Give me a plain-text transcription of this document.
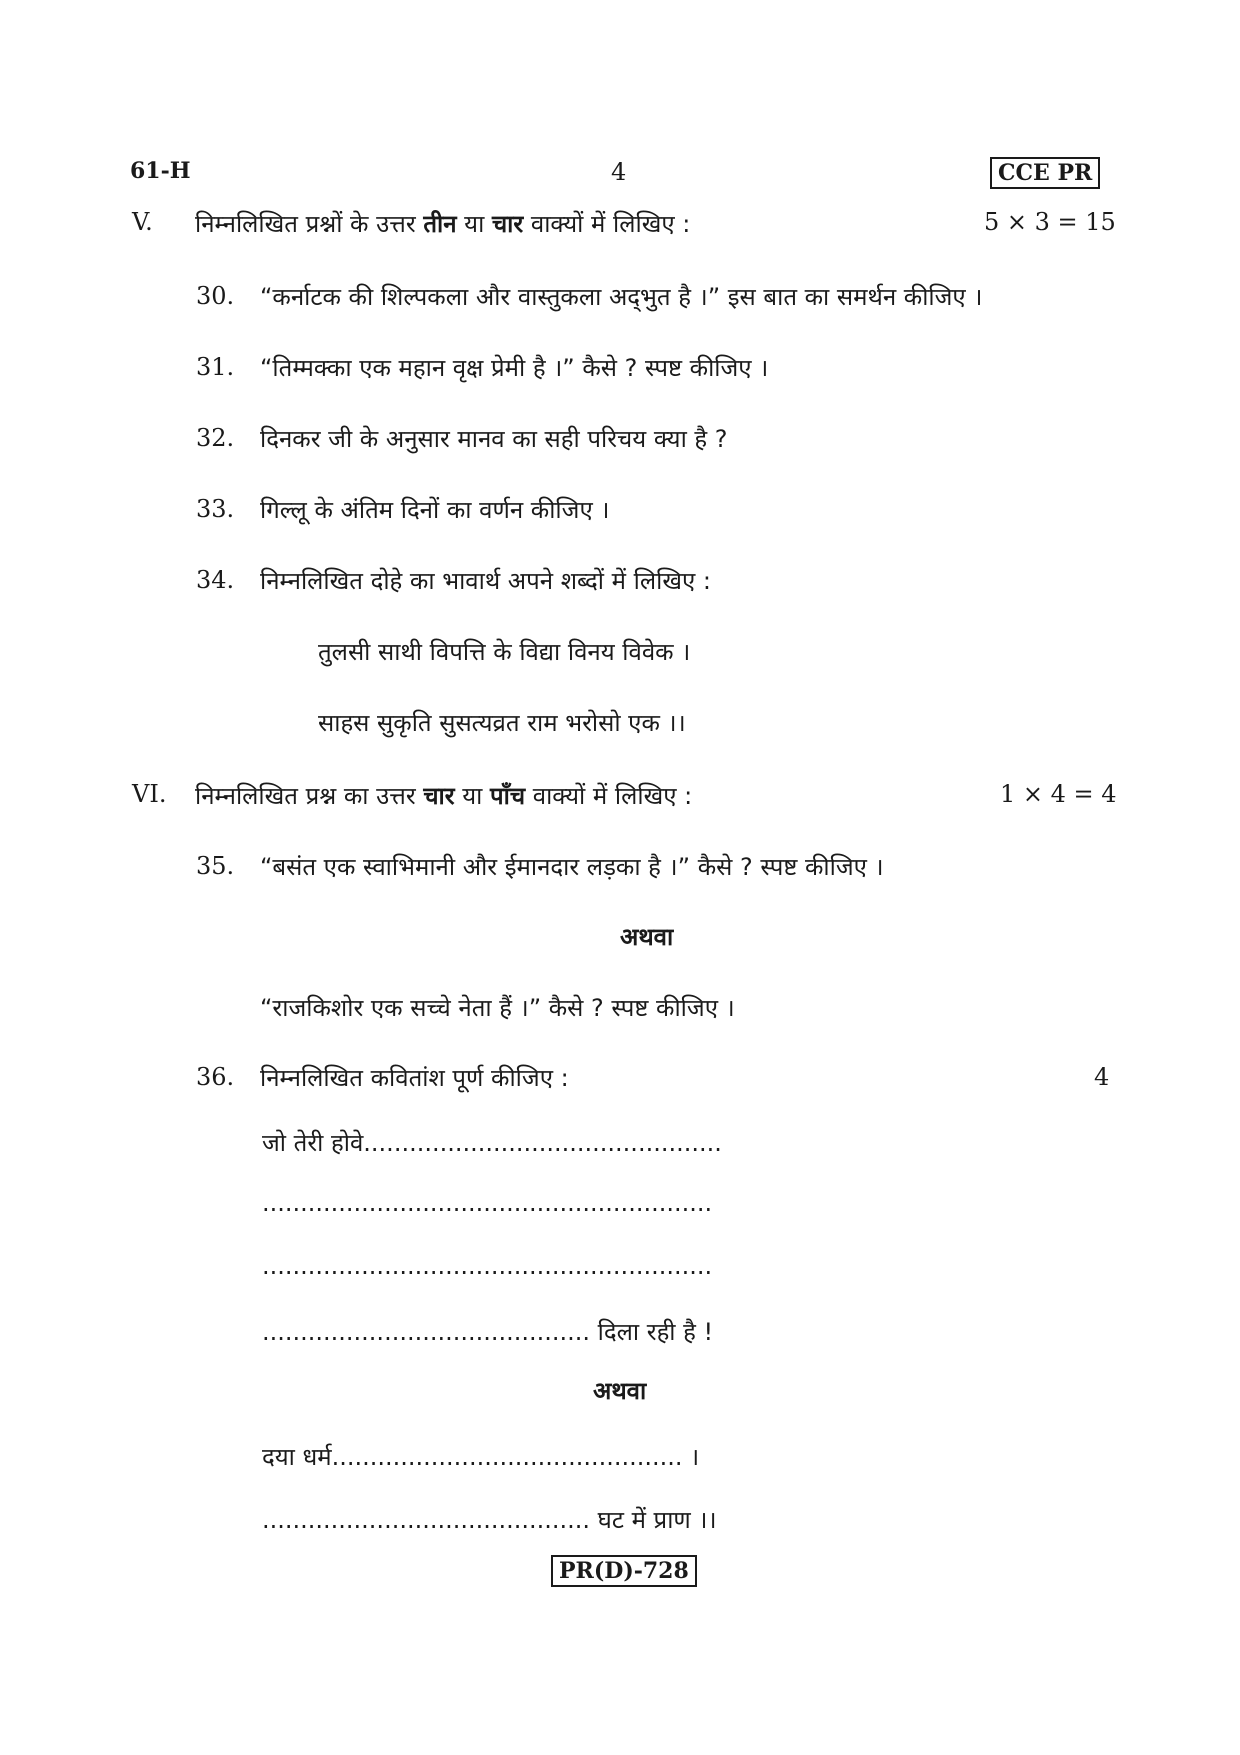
61-H	4	CCE PR
V. निम्नलिखित प्रश्नों के उत्तर तीन या चार वाक्यों में लिखिए :	5 × 3 = 15
30. “कर्नाटक की शिल्पकला और वास्तुकला अद्‌भुत है ।” इस बात का समर्थन कीजिए ।
31. “तिम्मक्का एक महान वृक्ष प्रेमी है ।” कैसे ? स्पष्ट कीजिए ।
32. दिनकर जी के अनुसार मानव का सही परिचय क्या है ?
33. गिल्लू के अंतिम दिनों का वर्णन कीजिए ।
34. निम्नलिखित दोहे का भावार्थ अपने शब्दों में लिखिए :
तुलसी साथी विपत्ति के विद्या विनय विवेक ।
साहस सुकृति सुसत्यव्रत राम भरोसो एक ।।
VI. निम्नलिखित प्रश्न का उत्तर चार या पाँच वाक्यों में लिखिए :	1 × 4 = 4
35. “बसंत एक स्वाभिमानी और ईमानदार लड़का है ।” कैसे ? स्पष्ट कीजिए ।
अथवा
“राजकिशोर एक सच्चे नेता हैं ।” कैसे ? स्पष्ट कीजिए ।
36. निम्नलिखित कवितांश पूर्ण कीजिए :	4
जो तेरी होवे...............................................
...........................................................
...........................................................
........................................... दिला रही है !
अथवा
दया धर्म.............................................. ।
........................................... घट में प्राण ।।
PR(D)-728
